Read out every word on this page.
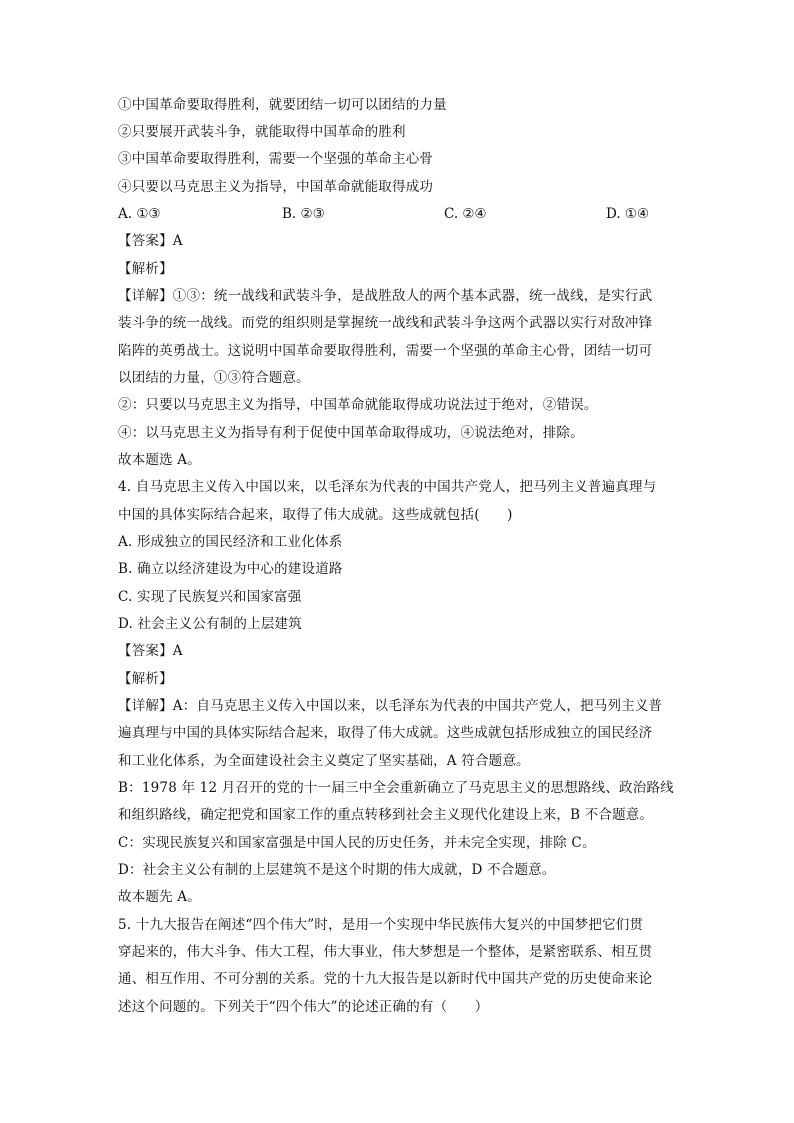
①中国革命要取得胜利，就要团结一切可以团结的力量
②只要展开武装斗争，就能取得中国革命的胜利
③中国革命要取得胜利，需要一个坚强的革命主心骨
④只要以马克思主义为指导，中国革命就能取得成功
A. ①③	B. ②③	C. ②④	D. ①④
【答案】A
【解析】
【详解】①③：统一战线和武装斗争，是战胜敌人的两个基本武器，统一战线，是实行武
装斗争的统一战线。而党的组织则是掌握统一战线和武装斗争这两个武器以实行对敌冲锋
陷阵的英勇战士。这说明中国革命要取得胜利，需要一个坚强的革命主心骨，团结一切可
以团结的力量，①③符合题意。
②：只要以马克思主义为指导，中国革命就能取得成功说法过于绝对，②错误。
④：以马克思主义为指导有利于促使中国革命取得成功，④说法绝对，排除。
故本题选 A。
4. 自马克思主义传入中国以来，以毛泽东为代表的中国共产党人，把马列主义普遍真理与
中国的具体实际结合起来，取得了伟大成就。这些成就包括(　　)
A. 形成独立的国民经济和工业化体系
B. 确立以经济建设为中心的建设道路
C. 实现了民族复兴和国家富强
D. 社会主义公有制的上层建筑
【答案】A
【解析】
【详解】A：自马克思主义传入中国以来，以毛泽东为代表的中国共产党人，把马列主义普
遍真理与中国的具体实际结合起来，取得了伟大成就。这些成就包括形成独立的国民经济
和工业化体系，为全面建设社会主义奠定了坚实基础，A 符合题意。
B：1978 年 12 月召开的党的十一届三中全会重新确立了马克思主义的思想路线、政治路线
和组织路线，确定把党和国家工作的重点转移到社会主义现代化建设上来，B 不合题意。
C：实现民族复兴和国家富强是中国人民的历史任务，并未完全实现，排除 C。
D：社会主义公有制的上层建筑不是这个时期的伟大成就，D 不合题意。
故本题先 A。
5. 十九大报告在阐述“四个伟大”时，是用一个实现中华民族伟大复兴的中国梦把它们贯
穿起来的，伟大斗争、伟大工程，伟大事业，伟大梦想是一个整体，是紧密联系、相互贯
通、相互作用、不可分割的关系。党的十九大报告是以新时代中国共产党的历史使命来论
述这个问题的。下列关于“四个伟大”的论述正确的有（　　）
